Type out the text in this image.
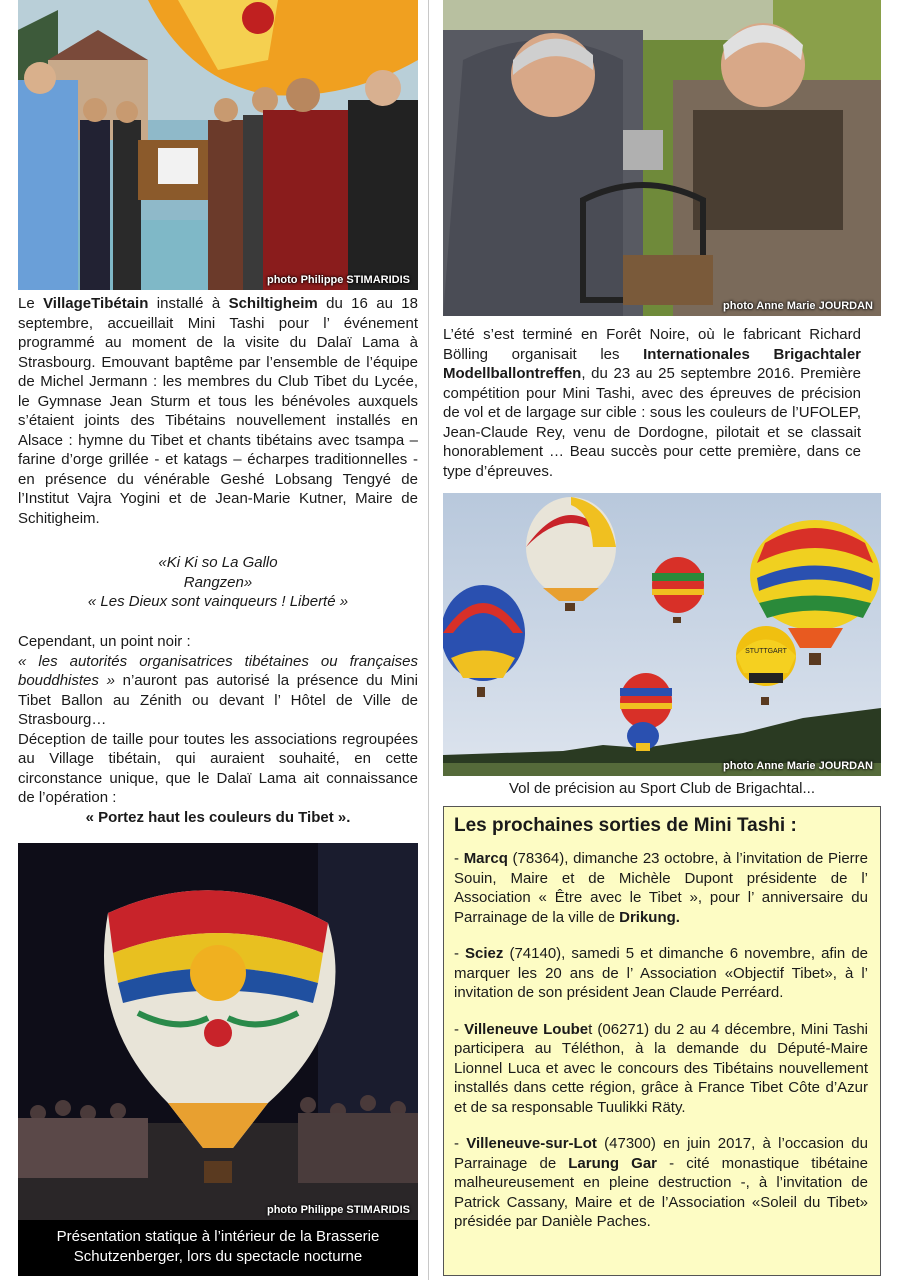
photo Philippe STIMARIDIS

Le VillageTibétain installé à Schiltigheim du 16 au 18 septembre, accueillait Mini Tashi pour l’ événement programmé au moment de la visite du Dalaï Lama à Strasbourg. Emouvant baptême par l’ensemble de l’équipe de Michel Jermann : les membres du Club Tibet du Lycée, le Gymnase Jean Sturm et tous les bénévoles auxquels s’étaient joints des Tibétains nouvellement installés en Alsace : hymne du Tibet et chants tibétains avec tsampa – farine d’orge grillée - et katags – écharpes traditionnelles - en présence du vénérable Geshé Lobsang Tengyé de l’Institut Vajra Yogini et de Jean-Marie Kutner, Maire de Schitigheim.

«Ki Ki so La Gallo
Rangzen»
« Les Dieux sont vainqueurs ! Liberté »

Cependant, un point noir :

« les autorités organisatrices tibétaines ou françaises bouddhistes » n’auront pas autorisé la présence du Mini Tibet Ballon au Zénith ou devant l’ Hôtel de Ville de Strasbourg…

Déception de taille pour toutes les associations regroupées au Village tibétain, qui auraient souhaité, en cette circonstance unique, que le Dalaï Lama ait connaissance de l’opération :

« Portez haut les couleurs du Tibet ».

photo Philippe STIMARIDIS
Présentation statique à l’intérieur de la Brasserie
Schutzenberger, lors du spectacle nocturne
photo Anne Marie JOURDAN

L’été s’est terminé en Forêt Noire, où le fabricant Richard Bölling organisait les Internationales Brigachtaler Modellballontreffen, du 23 au 25 septembre 2016. Première compétition pour Mini Tashi, avec des épreuves de précision de vol et de largage sur cible : sous les couleurs de l’UFOLEP, Jean-Claude Rey, venu de Dordogne, pilotait et se classait honorablement … Beau succès pour cette première, dans ce type d’épreuves.

STUTTGART
photo Anne Marie JOURDAN
Vol de précision au Sport Club de Brigachtal...
Les prochaines sorties de Mini Tashi :

- Marcq (78364), dimanche 23 octobre, à l’invitation de Pierre Souin, Maire et de Michèle Dupont présidente de l’ Association « Être avec le Tibet », pour l’ anniversaire du Parrainage de la ville de Drikung.

- Sciez (74140), samedi 5 et dimanche 6 novembre, afin de marquer les 20 ans de l’ Association «Objectif Tibet», à l’ invitation de son président Jean Claude Perréard.

- Villeneuve Loubet (06271) du 2 au 4 décembre, Mini Tashi participera au Téléthon, à la demande du Député-Maire Lionnel Luca et avec le concours des Tibétains nouvellement installés dans cette région, grâce à France Tibet Côte d’Azur et de sa responsable Tuulikki Räty.

- Villeneuve-sur-Lot (47300) en juin 2017, à l’occasion du Parrainage de Larung Gar - cité monastique tibétaine malheureusement en pleine destruction -, à l’invitation de Patrick Cassany, Maire et de l’Association «Soleil du Tibet» présidée par Danièle Paches.
